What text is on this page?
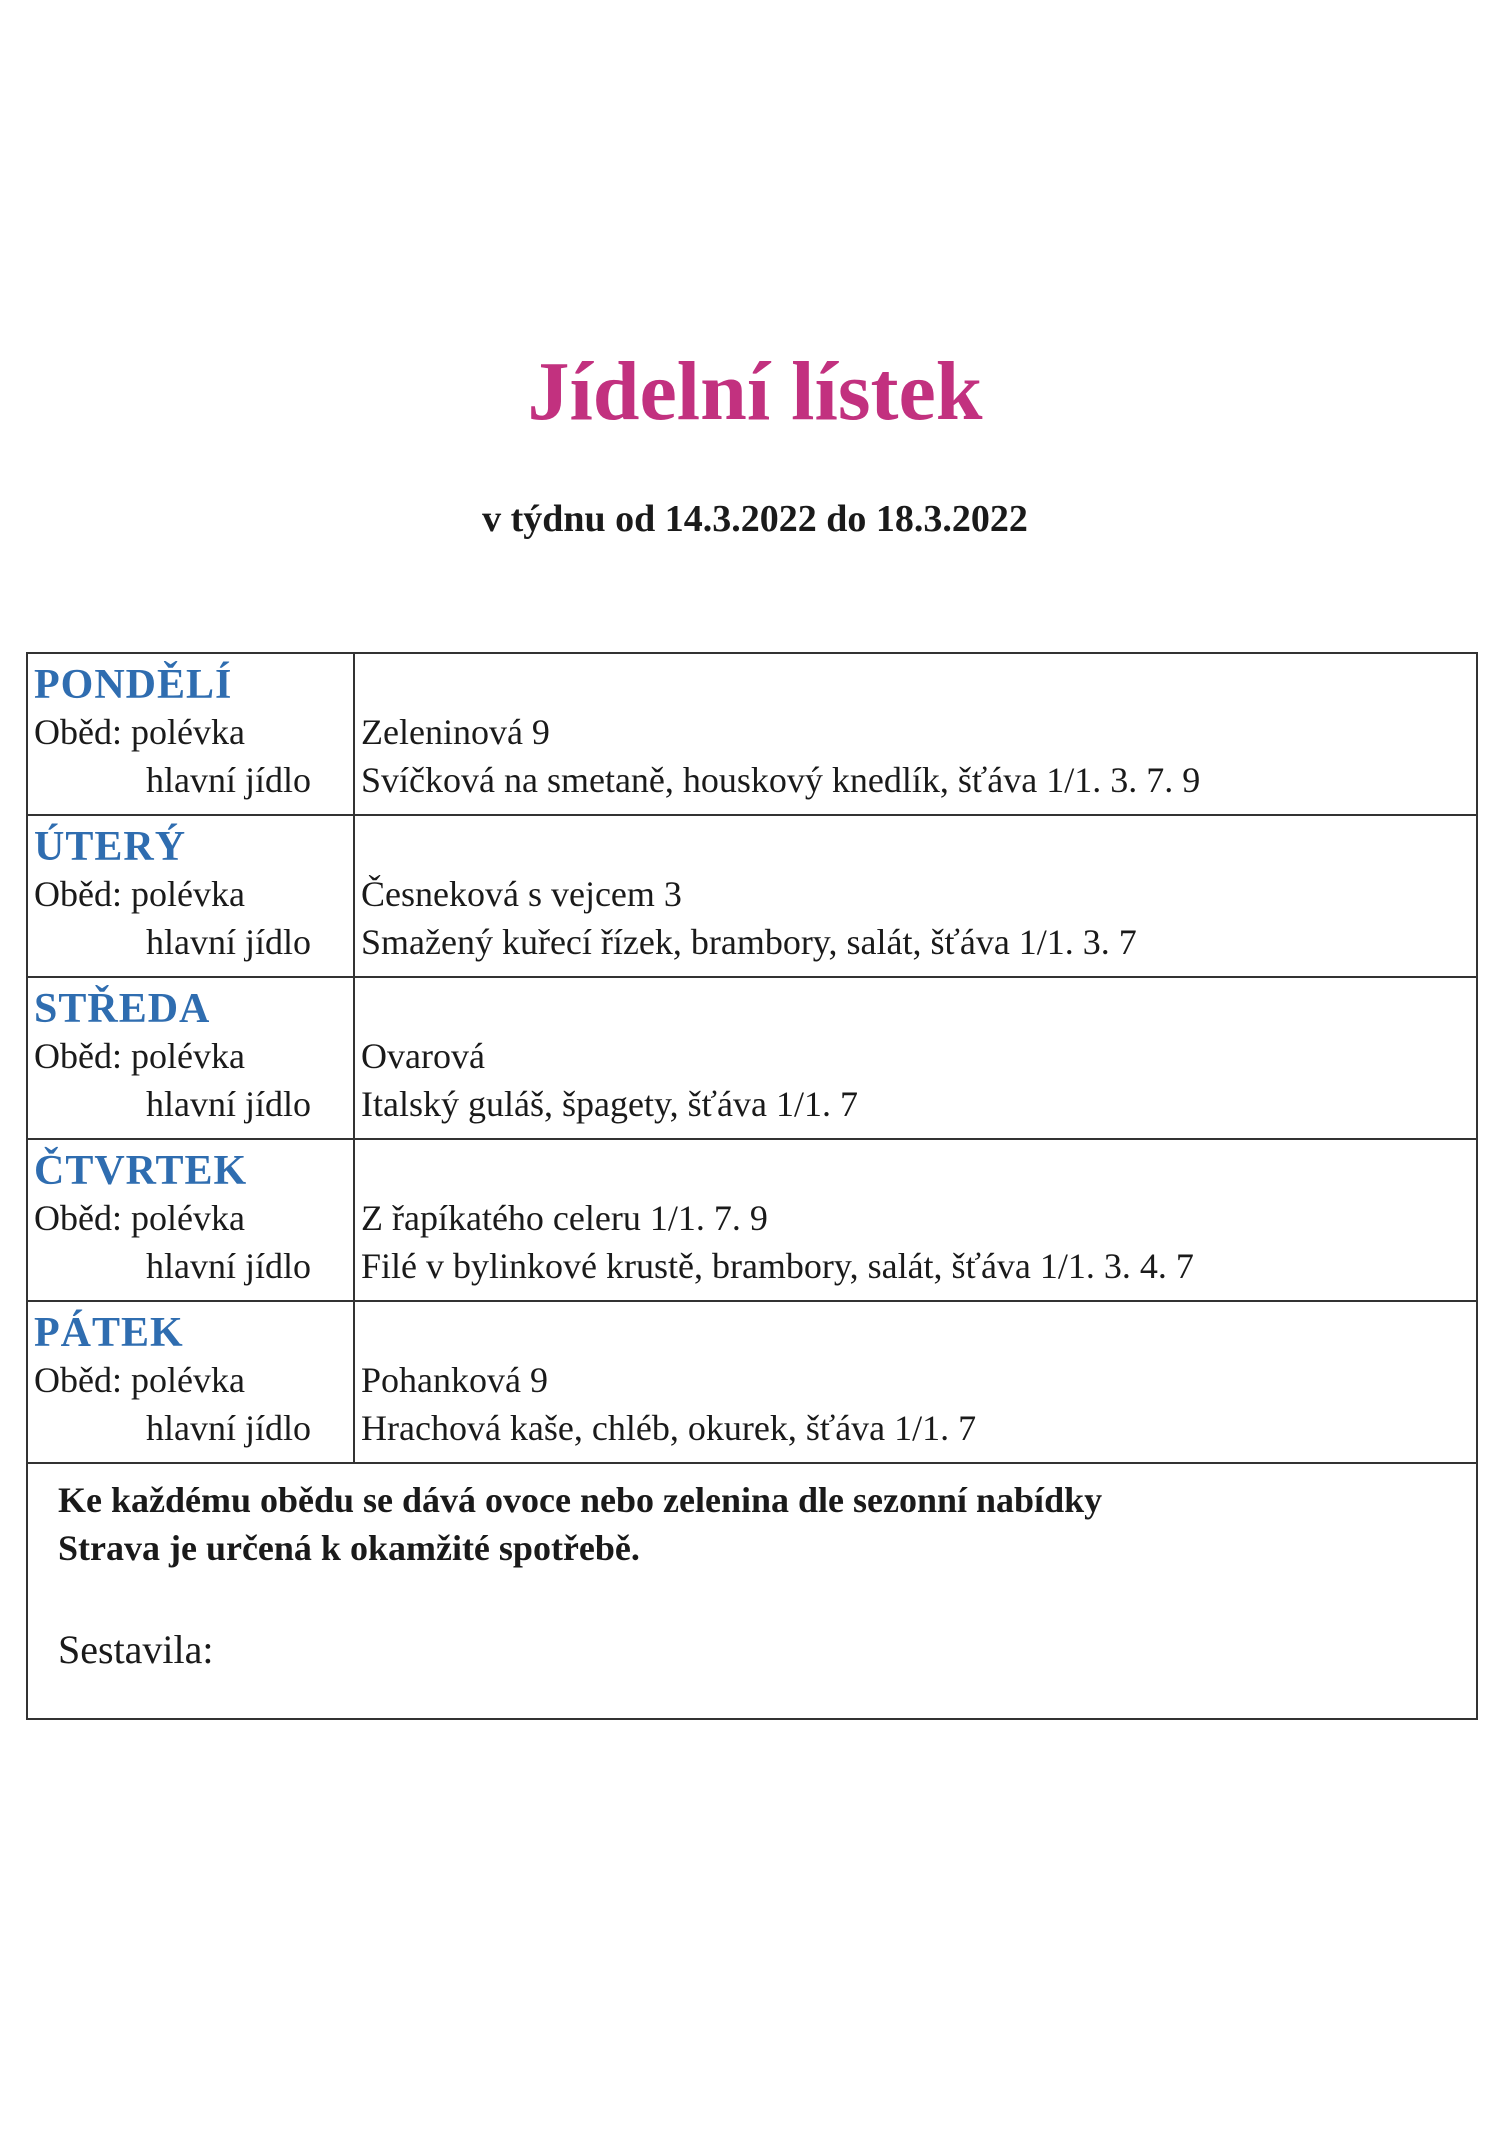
Jídelní lístek
v týdnu od 14.3.2022 do 18.3.2022
PONDĚLÍ
Oběd: polévka
hlavní jídlo
Zeleninová 9
Svíčková na smetaně, houskový knedlík, šťáva 1/1. 3. 7. 9
ÚTERÝ
Oběd: polévka
hlavní jídlo
Česneková s vejcem 3
Smažený kuřecí řízek, brambory, salát, šťáva 1/1. 3. 7
STŘEDA
Oběd: polévka
hlavní jídlo
Ovarová
Italský guláš, špagety, šťáva 1/1. 7
ČTVRTEK
Oběd: polévka
hlavní jídlo
Z řapíkatého celeru 1/1. 7. 9
Filé v bylinkové krustě, brambory, salát, šťáva 1/1. 3. 4. 7
PÁTEK
Oběd: polévka
hlavní jídlo
Pohanková 9
Hrachová kaše, chléb, okurek, šťáva 1/1. 7
Ke každému obědu se dává ovoce nebo zelenina dle sezonní nabídky
Strava je určená k okamžité spotřebě.
Sestavila:
